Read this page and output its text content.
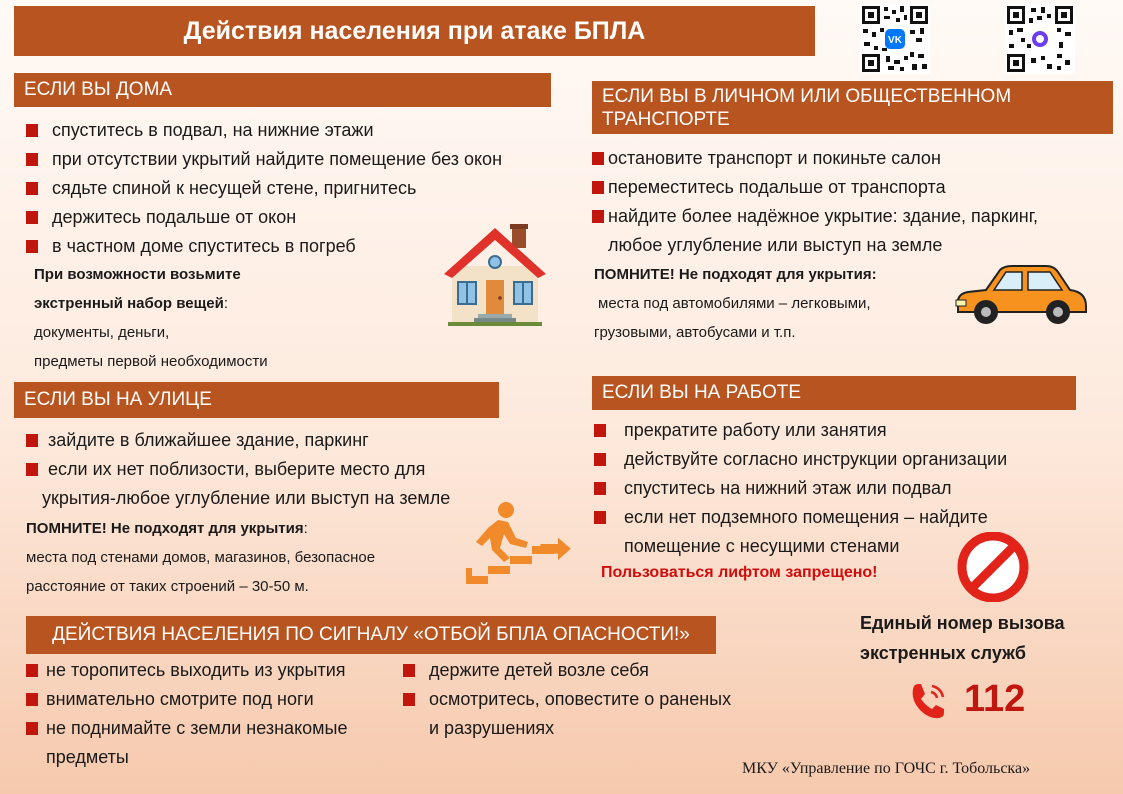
Действия населения при атаке БПЛА	VK
ЕСЛИ ВЫ ДОМА
спуститесь в подвал, на нижние этажи
при отсутствии укрытий найдите помещение без окон
сядьте спиной к несущей стене, пригнитесь
держитесь подальше от окон
в частном доме спуститесь в погреб
При возможности возьмите
экстренный набор вещей:
документы, деньги,
предметы первой необходимости
ЕСЛИ ВЫ В ЛИЧНОМ ИЛИ ОБЩЕСТВЕННОМ
ТРАНСПОРТЕ
остановите транспорт и покиньте салон
переместитесь подальше от транспорта
найдите более надёжное укрытие: здание, паркинг,
любое углубление или выступ на земле
ПОМНИТЕ! Не подходят для укрытия:
места под автомобилями – легковыми,
грузовыми, автобусами и т.п.
ЕСЛИ ВЫ НА УЛИЦЕ
зайдите в ближайшее здание, паркинг
если их нет поблизости, выберите место для
укрытия-любое углубление или выступ на земле
ПОМНИТЕ! Не подходят для укрытия:
места под стенами домов, магазинов, безопасное
расстояние от таких строений – 30-50 м.
ЕСЛИ ВЫ НА РАБОТЕ
прекратите работу или занятия
действуйте согласно инструкции организации
спуститесь на нижний этаж или подвал
если нет подземного помещения – найдите
помещение с несущими стенами
Пользоваться лифтом запрещено!
ДЕЙСТВИЯ НАСЕЛЕНИЯ ПО СИГНАЛУ «ОТБОЙ БПЛА ОПАСНОСТИ!»
не торопитесь выходить из укрытия
внимательно смотрите под ноги
не поднимайте с земли незнакомые
предметы
держите детей возле себя
осмотритесь, оповестите о раненых
и разрушениях
Единый номер вызова
экстренных служб
112
МКУ «Управление по ГОЧС г. Тобольска»
